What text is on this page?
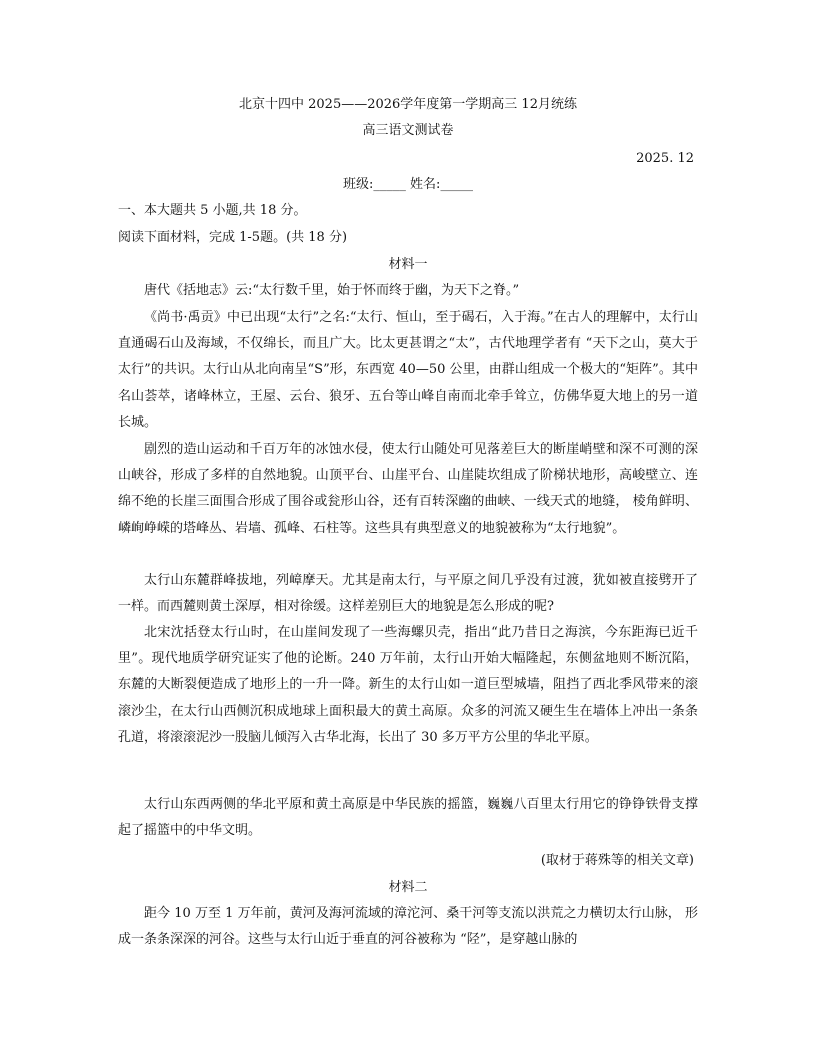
北京十四中 2025——2026学年度第一学期高三 12月统练
高三语文测试卷
2025. 12
班级:_____ 姓名:_____
一、本大题共 5 小题,共 18 分。
阅读下面材料，完成 1-5题。(共 18 分)
材料一
唐代《括地志》云:“太行数千里，始于怀而终于幽，为天下之脊。”
《尚书·禹贡》中已出现“太行”之名:“太行、恒山，至于碣石，入于海。”在古人的理解中，太行山直通碣石山及海域，不仅绵长，而且广大。比太更甚谓之“太”，古代地理学者有 “天下之山，莫大于太行”的共识。太行山从北向南呈“S”形，东西宽 40—50 公里，由群山组成一个极大的“矩阵”。其中名山荟萃，诸峰林立，王屋、云台、狼牙、五台等山峰自南而北牵手耸立，仿佛华夏大地上的另一道长城。
剧烈的造山运动和千百万年的冰蚀水侵，使太行山随处可见落差巨大的断崖峭壁和深不可测的深山峡谷，形成了多样的自然地貌。山顶平台、山崖平台、山崖陡坎组成了阶梯状地形，高峻壁立、连绵不绝的长崖三面围合形成了围谷或瓮形山谷，还有百转深幽的曲峡、一线天式的地缝， 棱角鲜明、嶙峋峥嵘的塔峰丛、岩墙、孤峰、石柱等。这些具有典型意义的地貌被称为“太行地貌”。
太行山东麓群峰拔地，列嶂摩天。尤其是南太行，与平原之间几乎没有过渡，犹如被直接劈开了一样。而西麓则黄土深厚，相对徐缓。这样差别巨大的地貌是怎么形成的呢?
北宋沈括登太行山时，在山崖间发现了一些海螺贝壳，指出“此乃昔日之海滨，今东距海已近千里”。现代地质学研究证实了他的论断。240 万年前，太行山开始大幅隆起，东侧盆地则不断沉陷，东麓的大断裂便造成了地形上的一升一降。新生的太行山如一道巨型城墙，阻挡了西北季风带来的滚滚沙尘，在太行山西侧沉积成地球上面积最大的黄土高原。众多的河流又硬生生在墙体上冲出一条条孔道，将滚滚泥沙一股脑儿倾泻入古华北海，长出了 30 多万平方公里的华北平原。
太行山东西两侧的华北平原和黄土高原是中华民族的摇篮，巍巍八百里太行用它的铮铮铁骨支撑起了摇篮中的中华文明。
(取材于蒋殊等的相关文章)
材料二
距今 10 万至 1 万年前，黄河及海河流域的漳沱河、桑干河等支流以洪荒之力横切太行山脉， 形成一条条深深的河谷。这些与太行山近于垂直的河谷被称为 “陉”，是穿越山脉的
